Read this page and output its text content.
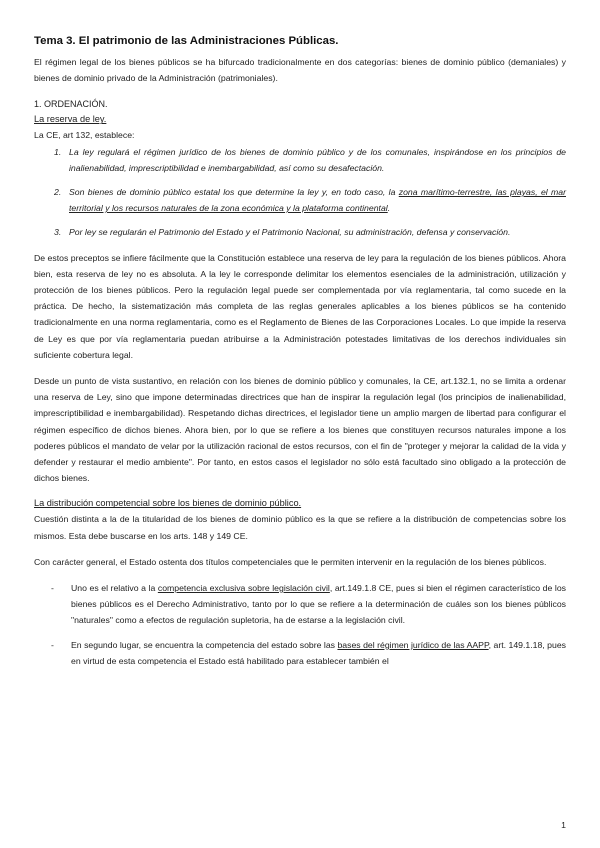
Tema 3. El patrimonio de las Administraciones Públicas.

El régimen legal de los bienes públicos se ha bifurcado tradicionalmente en dos categorías: bienes de dominio público (demaniales) y bienes de dominio privado de la Administración (patrimoniales).

1. ORDENACIÓN.
La reserva de ley.

La CE, art 132, establece:

1. La ley regulará el régimen jurídico de los bienes de dominio público y de los comunales, inspirándose en los principios de inalienabilidad, imprescriptibilidad e inembargabilidad, así como su desafectación.
2. Son bienes de dominio público estatal los que determine la ley y, en todo caso, la zona marítimo-terrestre, las playas, el mar territorial y los recursos naturales de la zona económica y la plataforma continental.
3. Por ley se regularán el Patrimonio del Estado y el Patrimonio Nacional, su administración, defensa y conservación.

De estos preceptos se infiere fácilmente que la Constitución establece una reserva de ley para la regulación de los bienes públicos. Ahora bien, esta reserva de ley no es absoluta. A la ley le corresponde delimitar los elementos esenciales de la administración, utilización y protección de los bienes públicos. Pero la regulación legal puede ser complementada por vía reglamentaria, tal como sucede en la práctica. De hecho, la sistematización más completa de las reglas generales aplicables a los bienes públicos se ha contenido tradicionalmente en una norma reglamentaria, como es el Reglamento de Bienes de las Corporaciones Locales. Lo que impide la reserva de Ley es que por vía reglamentaria puedan atribuirse a la Administración potestades limitativas de los derechos individuales sin suficiente cobertura legal.

Desde un punto de vista sustantivo, en relación con los bienes de dominio público y comunales, la CE, art.132.1, no se limita a ordenar una reserva de Ley, sino que impone determinadas directrices que han de inspirar la regulación legal (los principios de inalienabilidad, imprescriptibilidad e inembargabilidad). Respetando dichas directrices, el legislador tiene un amplio margen de libertad para configurar el régimen específico de dichos bienes. Ahora bien, por lo que se refiere a los bienes que constituyen recursos naturales impone a los poderes públicos el mandato de velar por la utilización racional de estos recursos, con el fin de "proteger y mejorar la calidad de la vida y defender y restaurar el medio ambiente". Por tanto, en estos casos el legislador no sólo está facultado sino obligado a la protección de dichos bienes.

La distribución competencial sobre los bienes de dominio público.

Cuestión distinta a la de la titularidad de los bienes de dominio público es la que se refiere a la distribución de competencias sobre los mismos. Esta debe buscarse en los arts. 148 y 149 CE.

Con carácter general, el Estado ostenta dos títulos competenciales que le permiten intervenir en la regulación de los bienes públicos.

- Uno es el relativo a la competencia exclusiva sobre legislación civil, art.149.1.8 CE, pues si bien el régimen característico de los bienes públicos es el Derecho Administrativo, tanto por lo que se refiere a la determinación de cuáles son los bienes públicos "naturales" como a efectos de regulación supletoria, ha de estarse a la legislación civil.
- En segundo lugar, se encuentra la competencia del estado sobre las bases del régimen jurídico de las AAPP, art. 149.1.18, pues en virtud de esta competencia el Estado está habilitado para establecer también el
1
